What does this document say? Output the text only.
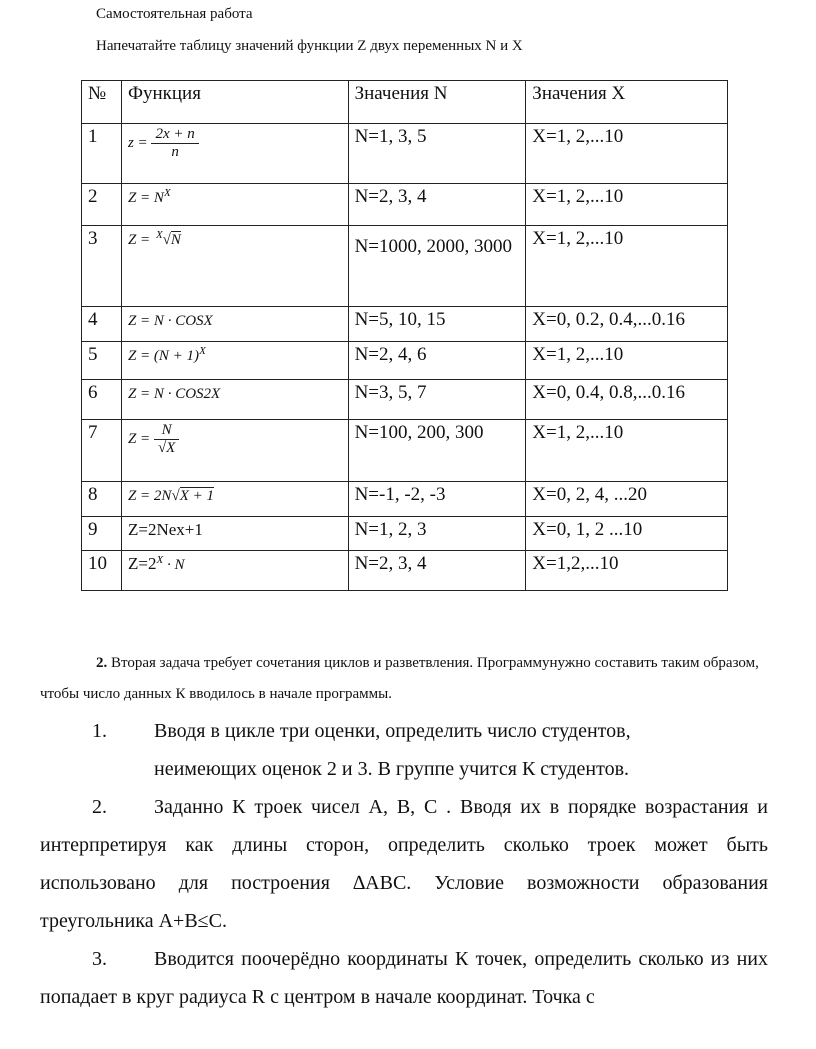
Самостоятельная работа
Напечатайте таблицу значений функции Z двух переменных N и X
№	Функция	Значения N	Значения X
1	$z = \frac{2x + n}{n}$	N=1, 3, 5	X=1, 2,...10
2	$Z = N^X$	N=2, 3, 4	X=1, 2,...10
3	Z = $^X$√N	N=1000, 2000, 3000	X=1, 2,...10
4	Z = N · COSX	N=5, 10, 15	X=0, 0.2, 0.4,...0.16
5	$Z = (N + 1)^X$	N=2, 4, 6	X=1, 2,...10
6	Z = N · COS2X	N=3, 5, 7	X=0, 0.4, 0.8,...0.16
7	$Z = \frac{N}{√X}$	N=100, 200, 300	X=1, 2,...10
8	Z = 2N√X + 1	N=-1, -2, -3	X=0, 2, 4, ...20
9	Z=2Nex+1	N=1, 2, 3	X=0, 1, 2 ...10
10	$Z=2^X \cdot N$	N=2, 3, 4	X=1,2,...10
2. Вторая задача требует сочетания циклов и разветвления. Программунужно составить таким образом, чтобы число данных К вводилось в начале программы.
1. Вводя в цикле три оценки, определить число студентов,
неимеющих оценок 2 и 3. В группе учится К студентов.
2. Заданно К троек чисел А, В, С . Вводя их в порядке возрастания и интерпретируя как длины сторон, определить сколько троек может быть использовано для построения ∆АВС. Условие возможности образования треугольника А+В≤С.
3. Вводится поочерёдно координаты К точек, определить сколько из них попадает в круг радиуса R с центром в начале координат. Точка с
